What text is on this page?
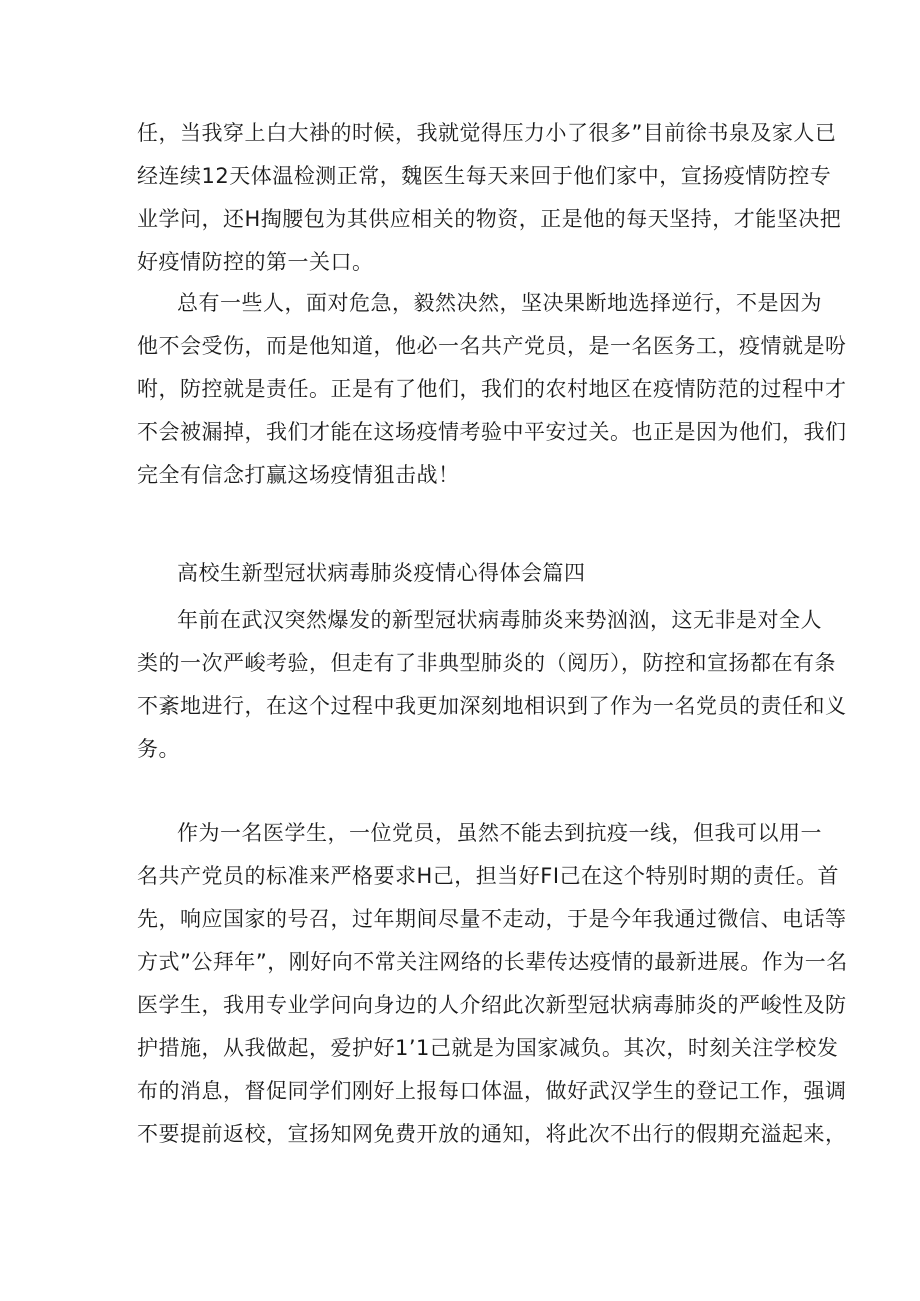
任，当我穿上白大褂的时候，我就觉得压力小了很多”目前徐书泉及家人已
经连续12天体温检测正常，魏医生每天来回于他们家中，宣扬疫情防控专
业学问，还H掏腰包为其供应相关的物资，正是他的每天坚持，才能坚决把
好疫情防控的第一关口。

总有一些人，面对危急，毅然决然，坚决果断地选择逆行，不是因为
他不会受伤，而是他知道，他必一名共产党员，是一名医务工，疫情就是吩
咐，防控就是责任。正是有了他们，我们的农村地区在疫情防范的过程中才
不会被漏掉，我们才能在这场疫情考验中平安过关。也正是因为他们，我们
完全有信念打赢这场疫情狙击战！

高校生新型冠状病毒肺炎疫情心得体会篇四

年前在武汉突然爆发的新型冠状病毒肺炎来势汹汹，这无非是对全人
类的一次严峻考验，但走有了非典型肺炎的（阅历），防控和宣扬都在有条
不紊地进行，在这个过程中我更加深刻地相识到了作为一名党员的责任和义
务。

作为一名医学生，一位党员，虽然不能去到抗疫一线，但我可以用一
名共产党员的标准来严格要求H己，担当好FI己在这个特别时期的责任。首
先，响应国家的号召，过年期间尽量不走动，于是今年我通过微信、电话等
方式”公拜年”，刚好向不常关注网络的长辈传达疫情的最新进展。作为一名
医学生，我用专业学问向身边的人介绍此次新型冠状病毒肺炎的严峻性及防
护措施，从我做起，爱护好1’1己就是为国家减负。其次，时刻关注学校发
布的消息，督促同学们刚好上报每口体温，做好武汉学生的登记工作，强调
不要提前返校，宣扬知网免费开放的通知，将此次不出行的假期充溢起来，
